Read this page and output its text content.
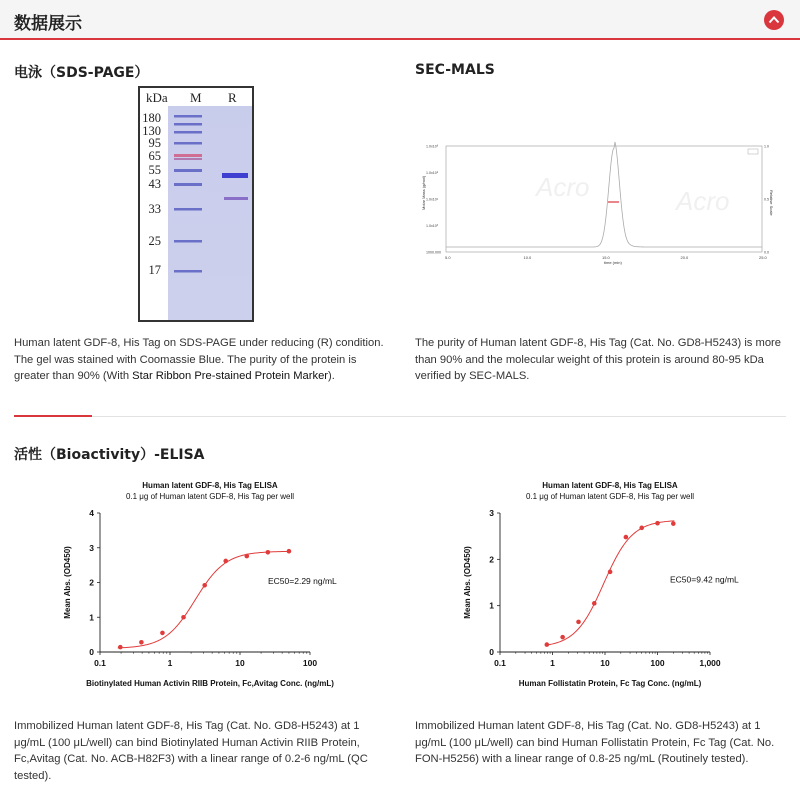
数据展示
电泳（SDS-PAGE）
kDa M R
180
130
95
65
55
43
33
25
17
Human latent GDF-8, His Tag on SDS-PAGE under reducing (R) condition. The gel was stained with Coomassie Blue. The purity of the protein is greater than 90% (With Star Ribbon Pre-stained Protein Marker).
SEC-MALS
Acro	Acro
5.0	10.0	15.0	20.0	25.0
1000.000
1.0x10³
1.0x10⁴
1.0x10⁵
1.0x10⁶
0.0
0.5
1.0
time (min)
Molar Mass (g/mol)	Relative Scale
The purity of Human latent GDF-8, His Tag (Cat. No. GD8-H5243) is more than 90% and the molecular weight of this protein is around 80-95 kDa verified by SEC-MALS.
活性（Bioactivity）-ELISA
Human latent GDF-8, His Tag ELISA
0.1 μg of Human latent GDF-8, His Tag per well
0
1
2
3
4
0.1	1	10	100
Mean Abs. (OD450)
Biotinylated Human Activin RIIB Protein, Fc,Avitag Conc. (ng/mL)
EC50=2.29 ng/mL
Human latent GDF-8, His Tag ELISA
0.1 μg of Human latent GDF-8, His Tag per well
0
1
2
3
0.1	1	10	100	1,000
Mean Abs. (OD450)
Human Follistatin Protein, Fc Tag Conc. (ng/mL)
EC50=9.42 ng/mL
Immobilized Human latent GDF-8, His Tag (Cat. No. GD8-H5243) at 1 μg/mL (100 μL/well) can bind Biotinylated Human Activin RIIB Protein, Fc,Avitag (Cat. No. ACB-H82F3) with a linear range of 0.2-6 ng/mL (QC tested).
Immobilized Human latent GDF-8, His Tag (Cat. No. GD8-H5243) at 1 μg/mL (100 μL/well) can bind Human Follistatin Protein, Fc Tag (Cat. No. FON-H5256) with a linear range of 0.8-25 ng/mL (Routinely tested).
